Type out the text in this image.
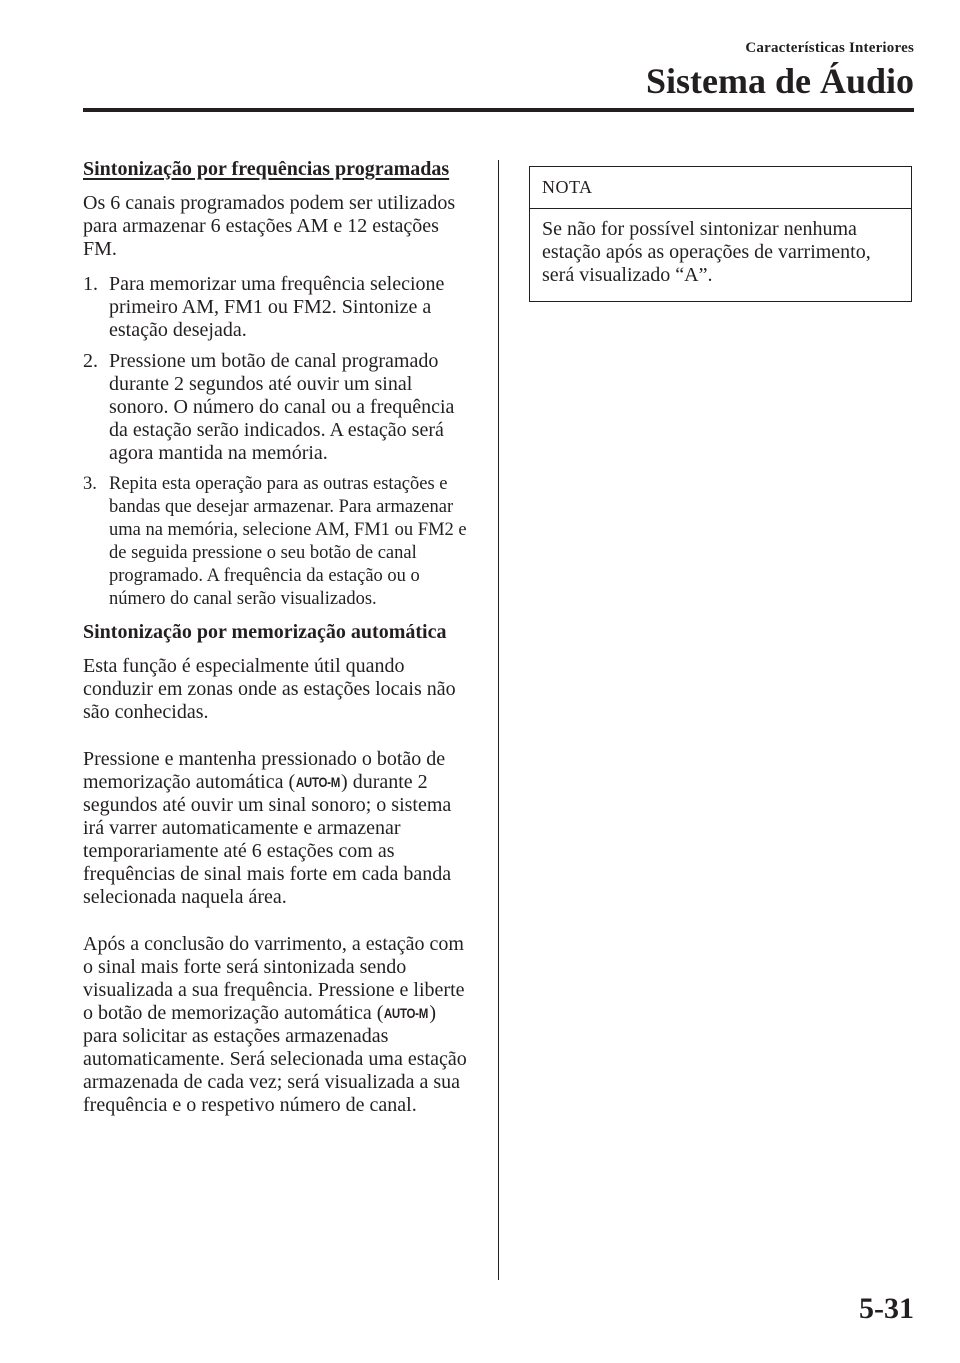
Características Interiores
Sistema de Áudio
Sintonização por frequências programadas

Os 6 canais programados podem ser utilizados para armazenar 6 estações AM e 12 estações FM.

1. Para memorizar uma frequência selecione primeiro AM, FM1 ou FM2. Sintonize a estação desejada.
2. Pressione um botão de canal programado durante 2 segundos até ouvir um sinal sonoro. O número do canal ou a frequência da estação serão indicados. A estação será agora mantida na memória.
3. Repita esta operação para as outras estações e bandas que desejar armazenar. Para armazenar uma na memória, selecione AM, FM1 ou FM2 e de seguida pressione o seu botão de canal programado. A frequência da estação ou o número do canal serão visualizados.
Sintonização por memorização automática

Esta função é especialmente útil quando conduzir em zonas onde as estações locais não são conhecidas.

Pressione e mantenha pressionado o botão de memorização automática (AUTO-M) durante 2 segundos até ouvir um sinal sonoro; o sistema irá varrer automaticamente e armazenar temporariamente até 6 estações com as frequências de sinal mais forte em cada banda selecionada naquela área.

Após a conclusão do varrimento, a estação com o sinal mais forte será sintonizada sendo visualizada a sua frequência. Pressione e liberte o botão de memorização automática (AUTO-M) para solicitar as estações armazenadas automaticamente. Será selecionada uma estação armazenada de cada vez; será visualizada a sua frequência e o respetivo número de canal.

NOTA
Se não for possível sintonizar nenhuma estação após as operações de varrimento, será visualizado “A”.
5-31
